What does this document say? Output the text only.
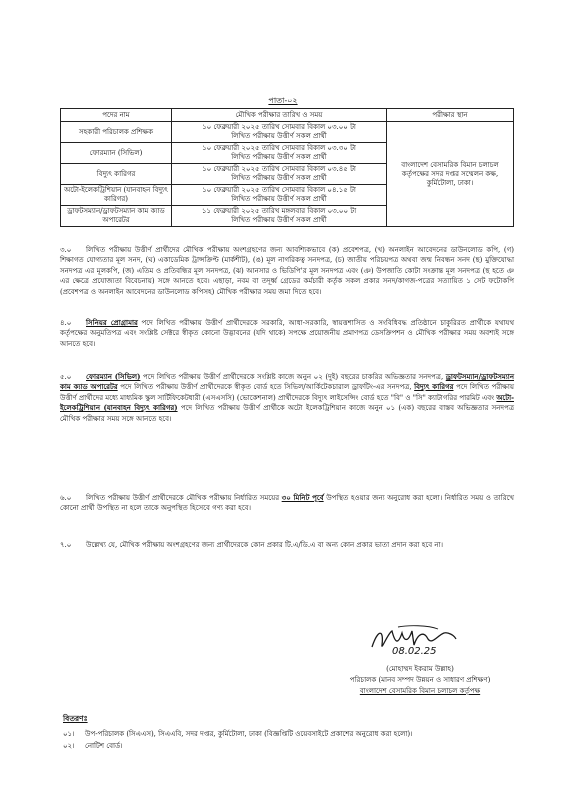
পাতা-০২
পদের নাম	মৌখিক পরীক্ষার তারিখ ও সময়	পরীক্ষার স্থান
সহকারী পরিচালক প্রশিক্ষক	১০ ফেব্রুয়ারী ২০২৫ তারিখ সোমবার বিকাল ০৩.০০ টা
লিখিত পরীক্ষায় উত্তীর্ণ সকল প্রার্থী	বাংলাদেশ বেসামরিক বিমান চলাচল কর্তৃপক্ষের সদর দপ্তর সম্মেলন কক্ষ, কুর্মিটোলা, ঢাকা।
ফোরম্যান (সিভিল)	১০ ফেব্রুয়ারী ২০২৫ তারিখ সোমবার বিকাল ০৩.৩০ টা
লিখিত পরীক্ষায় উত্তীর্ণ সকল প্রার্থী	

বিদ্যুৎ কারিগর	১০ ফেব্রুয়ারী ২০২৫ তারিখ সোমবার বিকাল ০৩.৪৫ টা
লিখিত পরীক্ষায় উত্তীর্ণ সকল প্রার্থী	

অটো-ইলেকট্রিশিয়ান (যানবাহন বিদ্যুৎ কারিগর)	১০ ফেব্রুয়ারী ২০২৫ তারিখ সোমবার বিকাল ০৪.১৫ টা
লিখিত পরীক্ষায় উত্তীর্ণ সকল প্রার্থী	

ড্রাফটসম্যান/ড্রাফটসম্যান কাম ক্যাড অপারেটর	১১ ফেব্রুয়ারী ২০২৫ তারিখ মঙ্গলবার বিকাল ০৩.০০ টা
লিখিত পরীক্ষায় উত্তীর্ণ সকল প্রার্থী	
৩.০ লিখিত পরীক্ষায় উত্তীর্ণ প্রার্থীদের মৌখিক পরীক্ষায় অংশগ্রহণের জন্য আবশ্যিকভাবে (ক) প্রবেশপত্র, (খ) অনলাইন আবেদনের ডাউনলোড কপি, (গ) শিক্ষাগত যোগ্যতার মূল সনদ, (ঘ) একাডেমিক ট্রান্সক্রিপ্ট (মার্কশীট), (ঙ) মূল নাগরিকত্ব সনদপত্র, (চ) জাতীয় পরিচয়পত্র অথবা জন্ম নিবন্ধন সনদ (ছ) মুক্তিযোদ্ধা সনদপত্র এর মূলকপি, (জ) এতিম ও প্রতিবন্ধির মূল সনদপত্র, (ঝ) আনসার ও ভিডিপি'র মূল সনদপত্র এবং (ঞ) উপজাতি কোটা সংক্রান্ত মূল সনদপত্র (ছ হতে ঞ এর ক্ষেত্রে প্রযোজ্যতা বিবেচনায়) সঙ্গে আনতে হবে। এছাড়া, নবম বা তদূর্ধ্ব গ্রেডের কর্মচারী কর্তৃক সকল প্রকার সনদ/কাগজ-পত্রের সত্যায়িত ১ সেট ফটোকপি (প্রবেশপত্র ও অনলাইন আবেদনের ডাউনলোড কপিসহ) মৌখিক পরীক্ষার সময় জমা দিতে হবে।
৪.০ সিনিয়র প্রোগ্রামার পদে লিখিত পরীক্ষায় উত্তীর্ণ প্রার্থীদেরকে সরকারি, আধা-সরকারি, স্বায়ত্তশাসিত ও সংবিধিবদ্ধ প্রতিষ্ঠানে চাকুরিরত প্রার্থীকে যথাযথ কর্তৃপক্ষের অনুমতিপত্র এবং সংশ্লিষ্ট সেক্টরে স্বীকৃত কোনো উদ্ভাবনের (যদি থাকে) সপক্ষে প্রয়োজনীয় প্রমাণপত্র ডেসক্রিপশন ও মৌখিক পরীক্ষার সময় অবশ্যই সঙ্গে আনতে হবে।
৫.০ ফোরম্যান (সিভিল) পদে লিখিত পরীক্ষায় উত্তীর্ণ প্রার্থীদেরকে সংশ্লিষ্ট কাজে অনুন ০২ (দুই) বছরের চাকরির অভিজ্ঞতার সনদপত্র, ড্রাফটসম্যান/ড্রাফটসম্যান কাম ক্যাড অপারেটর পদে লিখিত পরীক্ষায় উত্তীর্ণ প্রার্থীদেরকে স্বীকৃত বোর্ড হতে সিভিল/আর্কিটেকচারাল ড্রাফটিং-এর সনদপত্র, বিদ্যুৎ কারিগর পদে লিখিত পরীক্ষায় উত্তীর্ণ প্রার্থীদের মধ্যে মাধ্যমিক স্কুল সার্টিফিকেটধারী (এসএসসি) (ভোকেশনাল) প্রার্থীদেরকে বিদ্যুৎ লাইসেন্সিং বোর্ড হতে "বি" ও "সি" ক্যাটাগরির পারমিট এবং অটো-ইলেকট্রিশিয়ান (যানবাহন বিদ্যুৎ কারিগর) পদে লিখিত পরীক্ষায় উত্তীর্ণ প্রার্থীকে অটো ইলেকট্রিশিয়ান কাজে অনুন ০১ (এক) বছরের বাস্তব অভিজ্ঞতার সনদপত্র মৌখিক পরীক্ষার সময় সঙ্গে আনতে হবে।
৬.০ লিখিত পরীক্ষায় উত্তীর্ণ প্রার্থীদেরকে মৌখিক পরীক্ষায় নির্ধারিত সময়ের ৩০ মিনিট পূর্বে উপস্থিত হওয়ার জন্য অনুরোধ করা হলো। নির্ধারিত সময় ও তারিখে কোনো প্রার্থী উপস্থিত না হলে তাকে অনুপস্থিত হিসেবে গণ্য করা হবে।
৭.০ উল্লেখ্য যে, মৌখিক পরীক্ষায় অংশগ্রহণের জন্য প্রার্থীদেরকে কোন প্রকার টি.এ/ডি.এ বা অন্য কোন প্রকার ভাতা প্রদান করা হবে না।
08.02.25
(মোহাম্মদ ইকরাম উল্লাহ)
পরিচালক (মানব সম্পদ উন্নয়ন ও সাধারণ প্রশিক্ষণ)
বাংলাদেশ বেসামরিক বিমান চলাচল কর্তৃপক্ষ
বিতরণঃ
০১। উপ-পরিচালক (সিএএস), সিএএবি, সদর দপ্তর, কুর্মিটোলা, ঢাকা (বিজ্ঞপ্তিটি ওয়েবসাইটে প্রকাশের অনুরোধ করা হলো)।
০২। নোটিশ বোর্ড।
